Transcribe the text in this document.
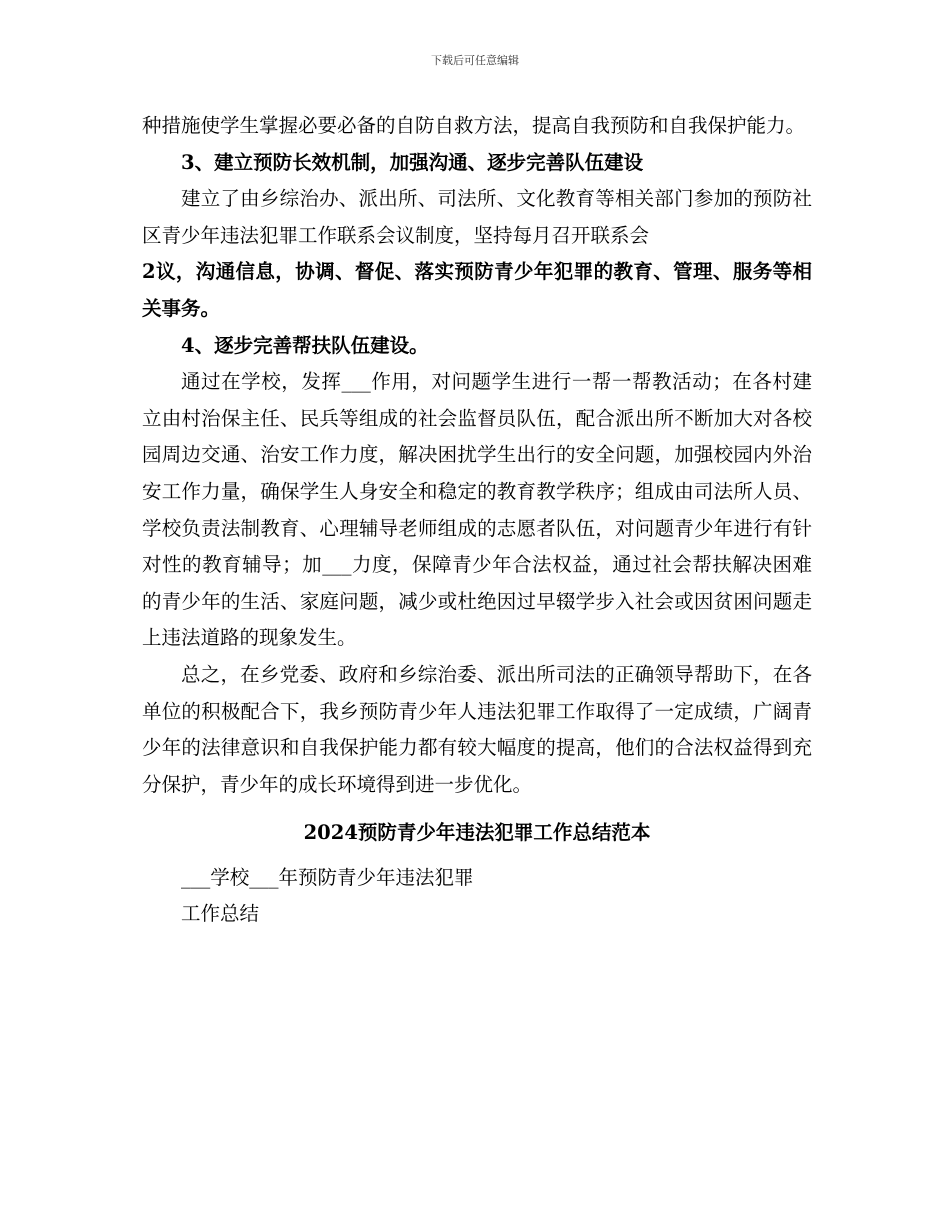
下载后可任意编辑

种措施使学生掌握必要必备的自防自救方法，提高自我预防和自我保护能力。

3、建立预防长效机制，加强沟通、逐步完善队伍建设

建立了由乡综治办、派出所、司法所、文化教育等相关部门参加的预防社区青少年违法犯罪工作联系会议制度，坚持每月召开联系会

2议，沟通信息，协调、督促、落实预防青少年犯罪的教育、管理、服务等相关事务。

4、逐步完善帮扶队伍建设。

通过在学校，发挥___作用，对问题学生进行一帮一帮教活动；在各村建立由村治保主任、民兵等组成的社会监督员队伍，配合派出所不断加大对各校园周边交通、治安工作力度，解决困扰学生出行的安全问题，加强校园内外治安工作力量，确保学生人身安全和稳定的教育教学秩序；组成由司法所人员、学校负责法制教育、心理辅导老师组成的志愿者队伍，对问题青少年进行有针对性的教育辅导；加___力度，保障青少年合法权益，通过社会帮扶解决困难的青少年的生活、家庭问题，减少或杜绝因过早辍学步入社会或因贫困问题走上违法道路的现象发生。

总之，在乡党委、政府和乡综治委、派出所司法的正确领导帮助下，在各单位的积极配合下，我乡预防青少年人违法犯罪工作取得了一定成绩，广阔青少年的法律意识和自我保护能力都有较大幅度的提高，他们的合法权益得到充分保护，青少年的成长环境得到进一步优化。

2024预防青少年违法犯罪工作总结范本

___学校___年预防青少年违法犯罪

工作总结
